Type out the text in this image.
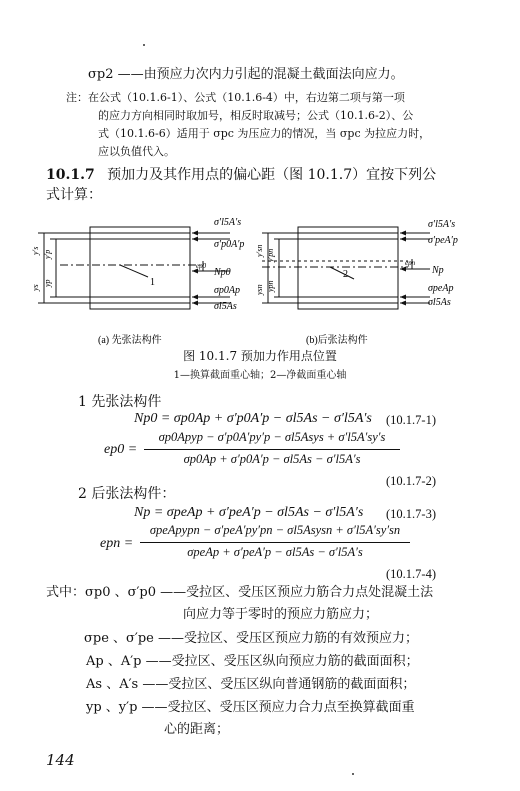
σp2 ——由预应力次内力引起的混凝土截面法向应力。
注：在公式（10.1.6-1）、公式（10.1.6-4）中，右边第二项与第一项
的应力方向相同时取加号，相反时取减号；公式（10.1.6-2）、公
式（10.1.6-6）适用于 σpc 为压应力的情况，当 σpc 为拉应力时，
应以负值代入。
10.1.7 预加力及其作用点的偏心距（图 10.1.7）宜按下列公
式计算：
σ′l5A′s
σ′p0A′p
Np0
σp0Ap
σl5As
y′s y′p
yp
ys
ep0
1
σ′l5A′s
σ′peA′p
Np
σpeAp
σl5As
y′sn y′pn
ypn
ysn
epn
2
(a) 先张法构件	(b)后张法构件
图 10.1.7 预加力作用点位置
1—换算截面重心轴；2—净截面重心轴
1 先张法构件
Np0 = σp0Ap + σ′p0A′p − σl5As − σ′l5A′s (10.1.7-1)
ep0 =
σp0Apyp − σ′p0A′py′p − σl5Asys + σ′l5A′sy′s
σp0Ap + σ′p0A′p − σl5As − σ′l5A′s
(10.1.7-2)
2 后张法构件：
Np = σpeAp + σ′peA′p − σl5As − σ′l5A′s (10.1.7-3)
epn =
σpeApypn − σ′peA′py′pn − σl5Asysn + σ′l5A′sy′sn
σpeAp + σ′peA′p − σl5As − σ′l5A′s
(10.1.7-4)
式中：σp0 、σ′p0 ——受拉区、受压区预应力筋合力点处混凝土法
向应力等于零时的预应力筋应力；
σpe 、σ′pe ——受拉区、受压区预应力筋的有效预应力；
Ap 、A′p ——受拉区、受压区纵向预应力筋的截面面积；
As 、A′s ——受拉区、受压区纵向普通钢筋的截面面积；
yp 、y′p ——受拉区、受压区预应力合力点至换算截面重
心的距离；
144
